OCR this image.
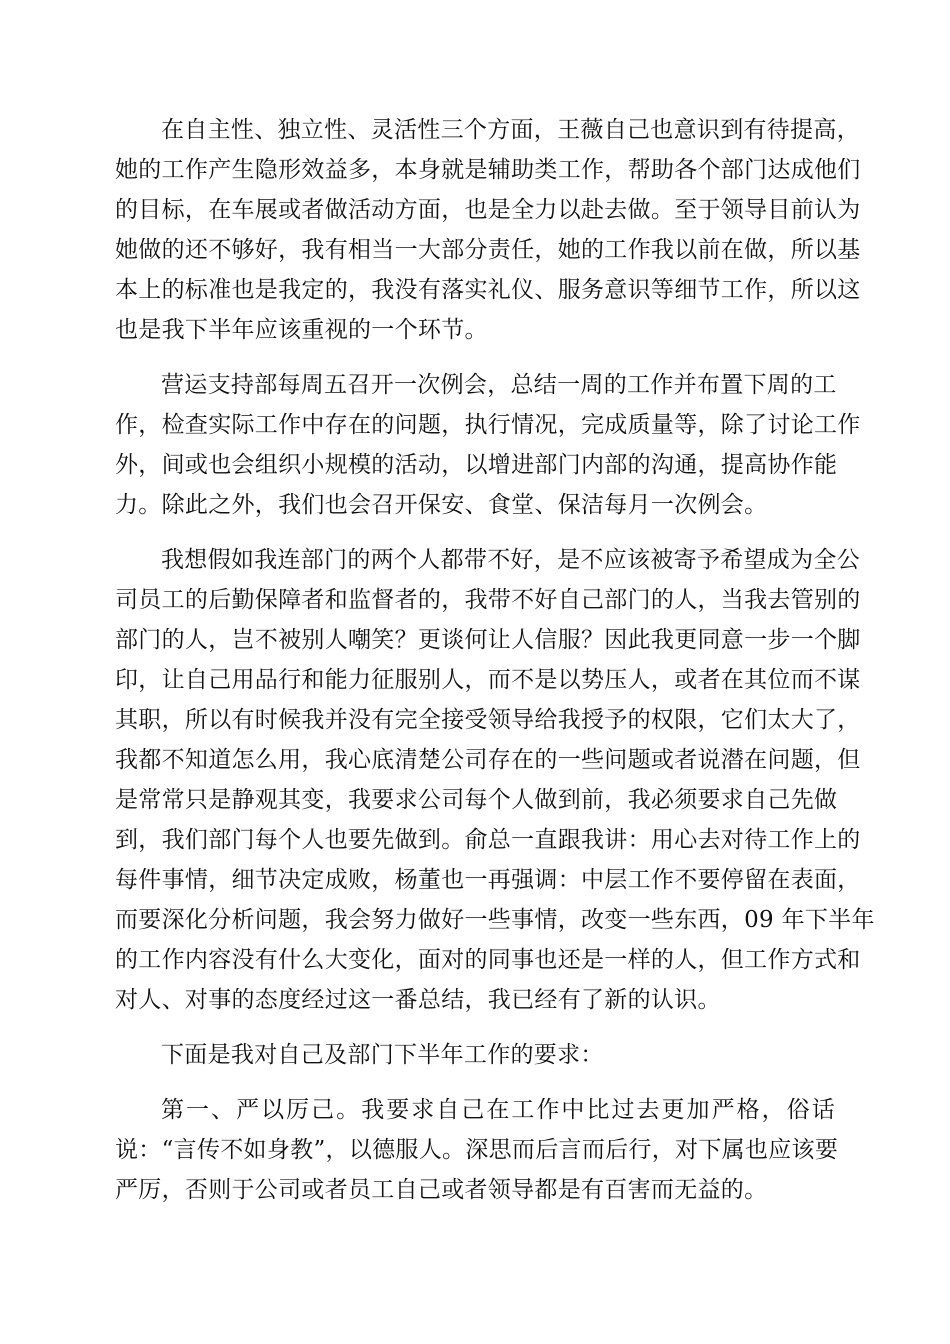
在自主性、独立性、灵活性三个方面，王薇自己也意识到有待提高，
她的工作产生隐形效益多，本身就是辅助类工作，帮助各个部门达成他们
的目标，在车展或者做活动方面，也是全力以赴去做。至于领导目前认为
她做的还不够好，我有相当一大部分责任，她的工作我以前在做，所以基
本上的标准也是我定的，我没有落实礼仪、服务意识等细节工作，所以这
也是我下半年应该重视的一个环节。
营运支持部每周五召开一次例会，总结一周的工作并布置下周的工
作，检查实际工作中存在的问题，执行情况，完成质量等，除了讨论工作
外，间或也会组织小规模的活动，以增进部门内部的沟通，提高协作能
力。除此之外，我们也会召开保安、食堂、保洁每月一次例会。
我想假如我连部门的两个人都带不好，是不应该被寄予希望成为全公
司员工的后勤保障者和监督者的，我带不好自己部门的人，当我去管别的
部门的人，岂不被别人嘲笑？更谈何让人信服？因此我更同意一步一个脚
印，让自己用品行和能力征服别人，而不是以势压人，或者在其位而不谋
其职，所以有时候我并没有完全接受领导给我授予的权限，它们太大了，
我都不知道怎么用，我心底清楚公司存在的一些问题或者说潜在问题，但
是常常只是静观其变，我要求公司每个人做到前，我必须要求自己先做
到，我们部门每个人也要先做到。俞总一直跟我讲：用心去对待工作上的
每件事情，细节决定成败，杨董也一再强调：中层工作不要停留在表面，
而要深化分析问题，我会努力做好一些事情，改变一些东西，09 年下半年
的工作内容没有什么大变化，面对的同事也还是一样的人，但工作方式和
对人、对事的态度经过这一番总结，我已经有了新的认识。
下面是我对自己及部门下半年工作的要求：
第一、严以厉己。我要求自己在工作中比过去更加严格，俗话
说：“言传不如身教”，以德服人。深思而后言而后行，对下属也应该要
严厉，否则于公司或者员工自己或者领导都是有百害而无益的。
